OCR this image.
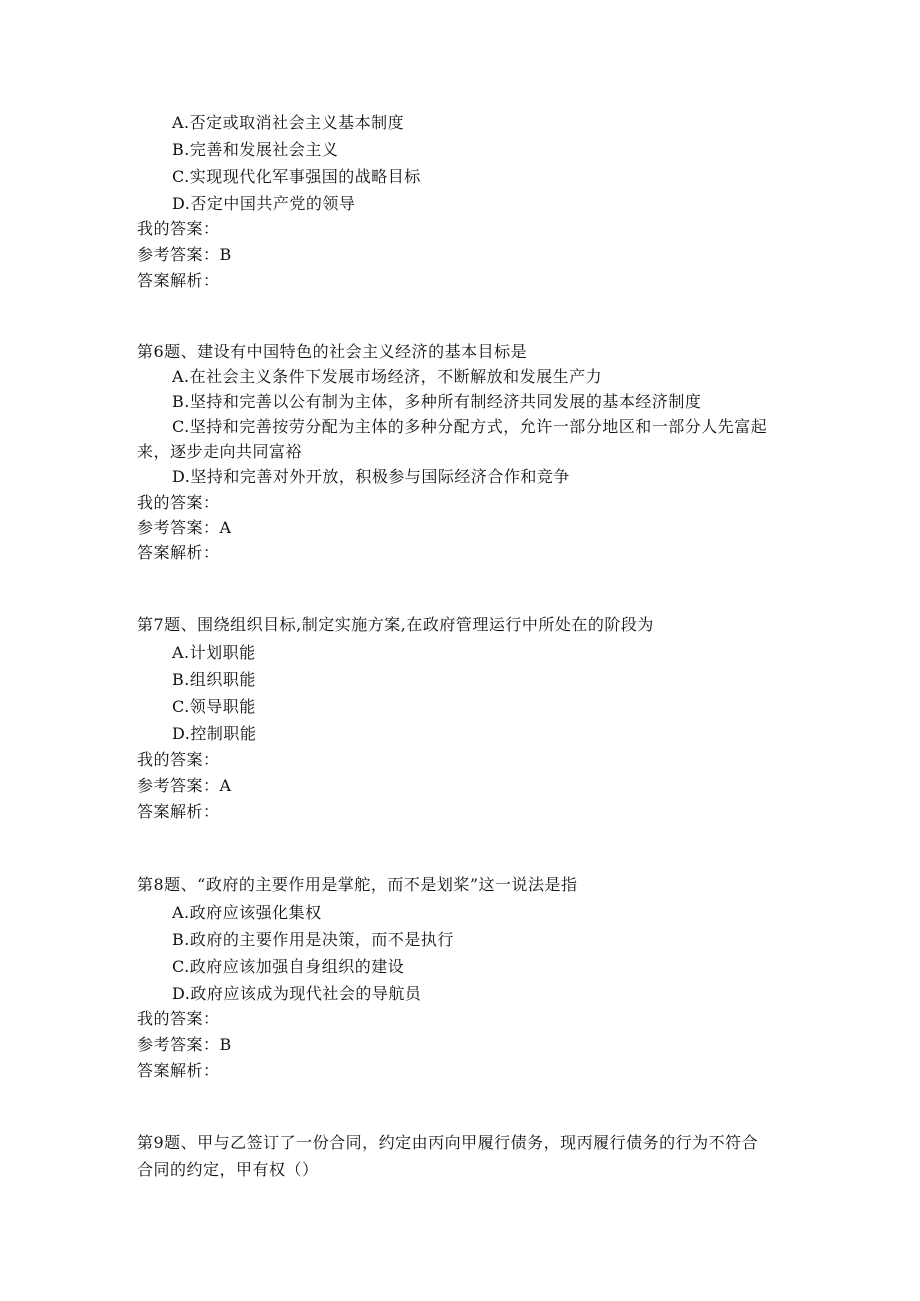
A.否定或取消社会主义基本制度
B.完善和发展社会主义
C.实现现代化军事强国的战略目标
D.否定中国共产党的领导
我的答案：
参考答案：B
答案解析：
第6题、建设有中国特色的社会主义经济的基本目标是
A.在社会主义条件下发展市场经济，不断解放和发展生产力
B.坚持和完善以公有制为主体，多种所有制经济共同发展的基本经济制度
C.坚持和完善按劳分配为主体的多种分配方式，允许一部分地区和一部分人先富起
来，逐步走向共同富裕
D.坚持和完善对外开放，积极参与国际经济合作和竞争
我的答案：
参考答案：A
答案解析：
第7题、围绕组织目标,制定实施方案,在政府管理运行中所处在的阶段为
A.计划职能
B.组织职能
C.领导职能
D.控制职能
我的答案：
参考答案：A
答案解析：
第8题、“政府的主要作用是掌舵，而不是划桨”这一说法是指
A.政府应该强化集权
B.政府的主要作用是决策，而不是执行
C.政府应该加强自身组织的建设
D.政府应该成为现代社会的导航员
我的答案：
参考答案：B
答案解析：
第9题、甲与乙签订了一份合同，约定由丙向甲履行债务，现丙履行债务的行为不符合
合同的约定，甲有权（）
